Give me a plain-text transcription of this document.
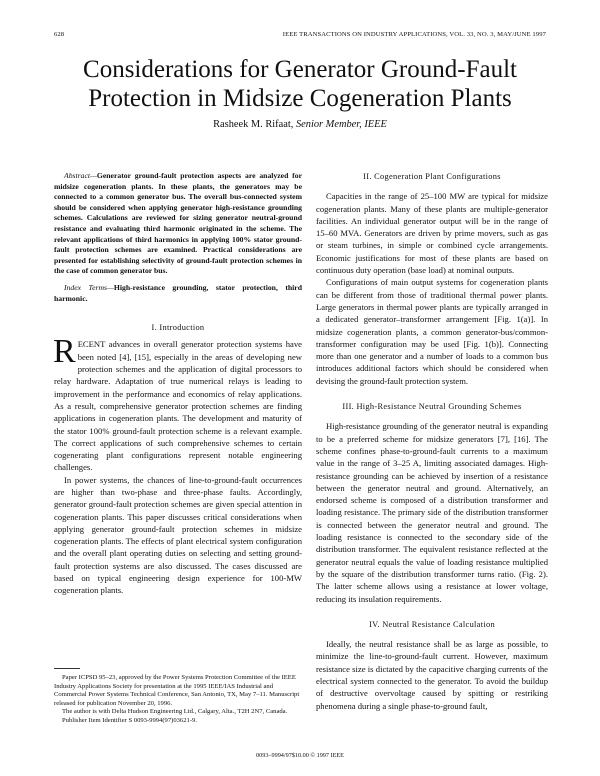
628	IEEE TRANSACTIONS ON INDUSTRY APPLICATIONS, VOL. 33, NO. 3, MAY/JUNE 1997
Considerations for Generator Ground-Fault
Protection in Midsize Cogeneration Plants
Rasheek M. Rifaat, Senior Member, IEEE
Abstract—Generator ground-fault protection aspects are analyzed for midsize cogeneration plants. In these plants, the generators may be connected to a common generator bus. The overall bus-connected system should be considered when applying generator high-resistance grounding schemes. Calculations are reviewed for sizing generator neutral-ground resistance and evaluating third harmonic originated in the scheme. The relevant applications of third harmonics in applying 100% stator ground-fault protection schemes are examined. Practical considerations are presented for establishing selectivity of ground-fault protection schemes in the case of common generator bus.
Index Terms—High-resistance grounding, stator protection, third harmonic.
I. Introduction
RECENT advances in overall generator protection systems have been noted [4], [15], especially in the areas of developing new protection schemes and the application of digital processors to relay hardware. Adaptation of true numerical relays is leading to improvement in the performance and economics of relay applications. As a result, comprehensive generator protection schemes are finding applications in cogeneration plants. The development and maturity of the stator 100% ground-fault protection scheme is a relevant example. The correct applications of such comprehensive schemes to certain cogenerating plant configurations represent notable engineering challenges.

In power systems, the chances of line-to-ground-fault occurrences are higher than two-phase and three-phase faults. Accordingly, generator ground-fault protection schemes are given special attention in cogeneration plants. This paper discusses critical considerations when applying generator ground-fault protection schemes in midsize cogeneration plants. The effects of plant electrical system configuration and the overall plant operating duties on selecting and setting ground-fault protection systems are also discussed. The cases discussed are based on typical engineering design experience for 100-MW cogeneration plants.

Paper ICPSD 95–23, approved by the Power Systems Protection Committee of the IEEE Industry Applications Society for presentation at the 1995 IEEE/IAS Industrial and Commercial Power Systems Technical Conference, San Antonio, TX, May 7–11. Manuscript released for publication November 20, 1996.

The author is with Delta Hudson Engineering Ltd., Calgary, Alta., T2H 2N7, Canada.

Publisher Item Identifier S 0093-9994(97)03621-9.

II. Cogeneration Plant Configurations

Capacities in the range of 25–100 MW are typical for midsize cogeneration plants. Many of these plants are multiple-generator facilities. An individual generator output will be in the range of 15–60 MVA. Generators are driven by prime movers, such as gas or steam turbines, in simple or combined cycle arrangements. Economic justifications for most of these plants are based on continuous duty operation (base load) at nominal outputs.

Configurations of main output systems for cogeneration plants can be different from those of traditional thermal power plants. Large generators in thermal power plants are typically arranged in a dedicated generator–transformer arrangement [Fig. 1(a)]. In midsize cogeneration plants, a common generator-bus/common-transformer configuration may be used [Fig. 1(b)]. Connecting more than one generator and a number of loads to a common bus introduces additional factors which should be considered when devising the ground-fault protection system.

III. High-Resistance Neutral Grounding Schemes

High-resistance grounding of the generator neutral is expanding to be a preferred scheme for midsize generators [7], [16]. The scheme confines phase-to-ground-fault currents to a maximum value in the range of 3–25 A, limiting associated damages. High-resistance grounding can be achieved by insertion of a resistance between the generator neutral and ground. Alternatively, an endorsed scheme is composed of a distribution transformer and loading resistance. The primary side of the distribution transformer is connected between the generator neutral and ground. The loading resistance is connected to the secondary side of the distribution transformer. The equivalent resistance reflected at the generator neutral equals the value of loading resistance multiplied by the square of the distribution transformer turns ratio. (Fig. 2). The latter scheme allows using a resistance at lower voltage, reducing its insulation requirements.

IV. Neutral Resistance Calculation

Ideally, the neutral resistance shall be as large as possible, to minimize the line-to-ground-fault current. However, maximum resistance size is dictated by the capacitive charging currents of the electrical system connected to the generator. To avoid the buildup of destructive overvoltage caused by spitting or restriking phenomena during a single phase-to-ground fault,

0093–9994/97$10.00 © 1997 IEEE
